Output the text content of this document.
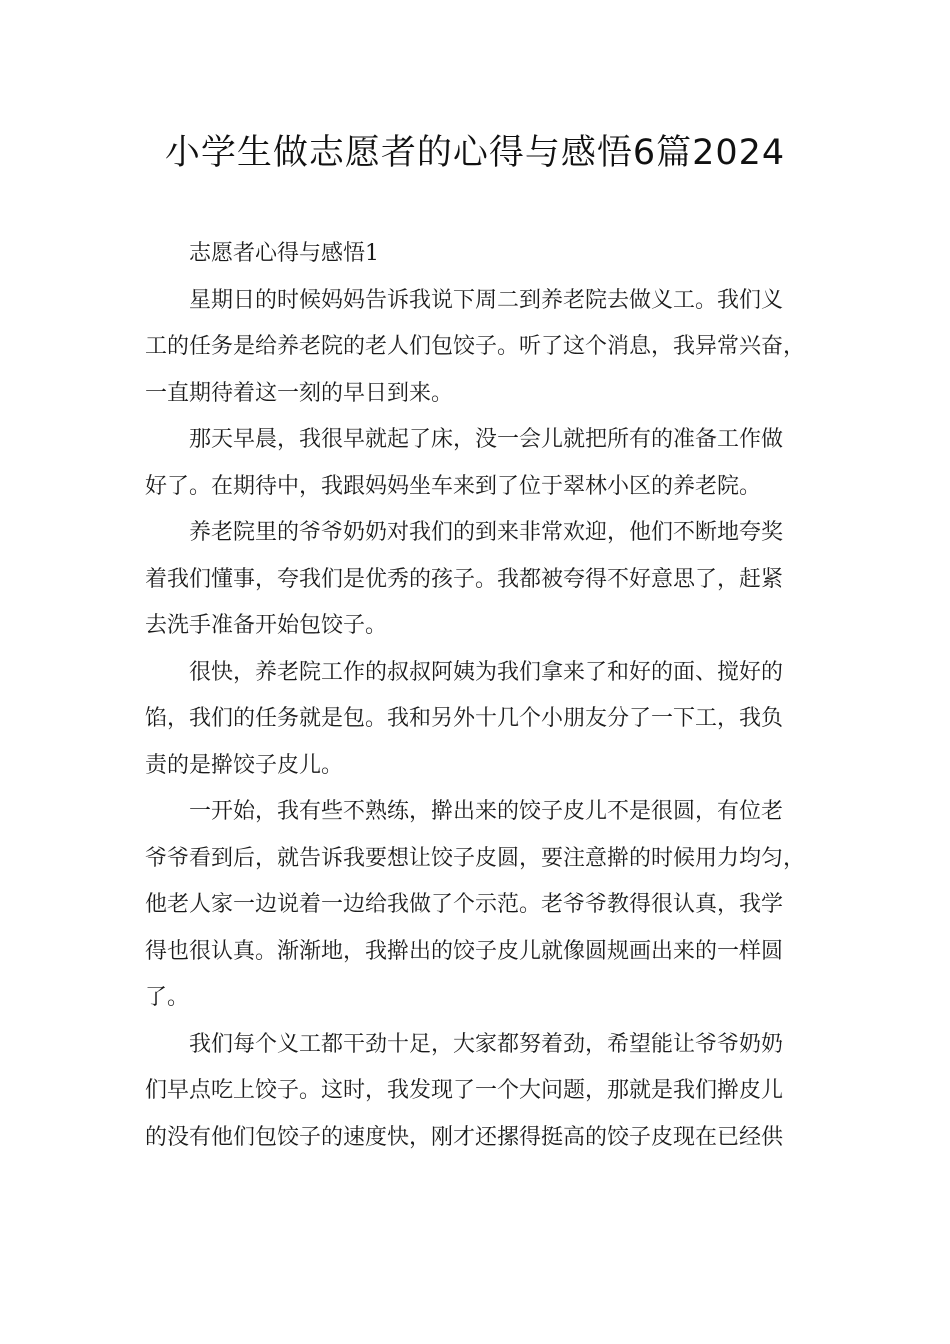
小学生做志愿者的心得与感悟6篇2024

志愿者心得与感悟1

星期日的时候妈妈告诉我说下周二到养老院去做义工。我们义
工的任务是给养老院的老人们包饺子。听了这个消息，我异常兴奋，
一直期待着这一刻的早日到来。

那天早晨，我很早就起了床，没一会儿就把所有的准备工作做
好了。在期待中，我跟妈妈坐车来到了位于翠林小区的养老院。

养老院里的爷爷奶奶对我们的到来非常欢迎，他们不断地夸奖
着我们懂事，夸我们是优秀的孩子。我都被夸得不好意思了，赶紧
去洗手准备开始包饺子。

很快，养老院工作的叔叔阿姨为我们拿来了和好的面、搅好的
馅，我们的任务就是包。我和另外十几个小朋友分了一下工，我负
责的是擀饺子皮儿。

一开始，我有些不熟练，擀出来的饺子皮儿不是很圆，有位老
爷爷看到后，就告诉我要想让饺子皮圆，要注意擀的时候用力均匀，
他老人家一边说着一边给我做了个示范。老爷爷教得很认真，我学
得也很认真。渐渐地，我擀出的饺子皮儿就像圆规画出来的一样圆
了。

我们每个义工都干劲十足，大家都努着劲，希望能让爷爷奶奶
们早点吃上饺子。这时，我发现了一个大问题，那就是我们擀皮儿
的没有他们包饺子的速度快，刚才还摞得挺高的饺子皮现在已经供
